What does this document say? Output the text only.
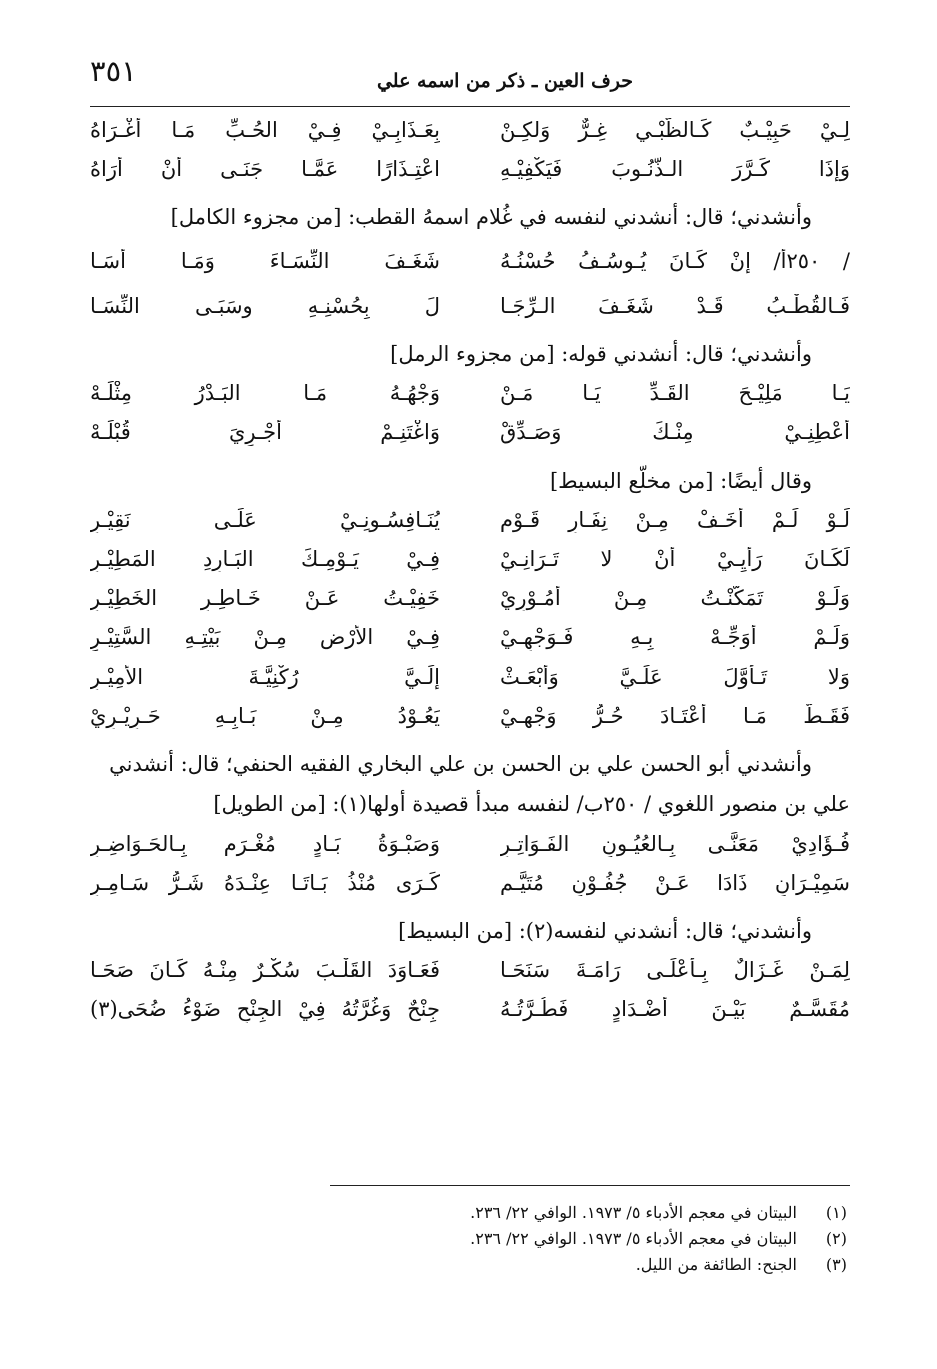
٣٥١	حرف العين ـ ذكر من اسمه علي
لِـيْ حَبِيْـبٌ كَـالظَّبْـيِ غِـرٌّ وَلكِـنْ
بِعَـذَابِـيْ فِـيْ الحُـبِّ مَـا أغْـرَاهُ
وَإذَا كَـرَّرَ الـذُّنُـوبَ فَيَكْفِيْـهِ
اعْتِـذَارًا عَمَّـا جَنَـى أنْ أرَاهُ
وأنشدني؛ قال: أنشدني لنفسه في غُلام اسمهُ القطب: [من مجزوء الكامل]
/ ٢٥٠أ/ إنْ كَـانَ يُـوسُـفُ حُسْنُـهُ
شَغَـفَ النِّسَـاءَ وَمَـا أسَـا
فَـالقُطْـبُ قَـدْ شَغَـفَ الـرِّجَـا
لَ بِحُسْنِـهِ وسَبَـى النِّسَـا
وأنشدني؛ قال: أنشدني قوله: [من مجزوء الرمل]
يَـا مَلِيْـحَ القَـدِّ يَـا مَـنْ
وَجْهُـهُ مَـا البَـدْرُ مِثْلَـهْ
أعْطِنِـيْ مِنْـكَ وَصَـدِّقْ
وَاغْتَنِـمْ أجْـرِيَ قُبْلَـهْ
وقال أيضًا: [من مخلّع البسيط]
لَـوْ لَـمْ أخَـفْ مِـنْ نِفَـارِ قَـوْمٍ
يُنَـافِسُـونِـيْ عَلَـى نَقِيْـرِ
لَكَـانَ رَأيِـيْ أنْ لا تَـرَانِـيْ
فِـيْ يَـوْمِـكَ البَـارِدِ المَطِيْـرِ
وَلَـوْ تَمَكَّنْـتُ مِـنْ أُمُـوْرِيْ
خَفِيْـتُ عَـنْ خَـاطِـرِ الخَطِيْـرِ
وَلَـمْ أُوَجِّـهْ بِـهِ فَـوَجْهِـيْ
فِـيْ الأرْضِ مِـنْ بَيْتِـهِ السَّتِيْـرِ
وَلا تَـأوَّلَ عَلَـيَّ وَأبْعَـثْ
إلَـيَّ رُكْنِيَّـةَ الأمِيْـرِ
فَقَـطُّ مَـا أعْتَـادَ حُـرُّ وَجْهِـيْ
يَعُـوْدُ مِـنْ بَـابِـهِ حَـرِيْـرِيْ
وأنشدني أبو الحسن علي بن الحسن بن علي البخاري الفقيه الحنفي؛ قال: أنشدني
علي بن منصور اللغوي / ٢٥٠ب/ لنفسه مبدأ قصيدة أولها(١): [من الطويل]
فُـؤَادِيْ مَعَنَّـى بِـالعُيُـونِ الفَـوَاتِـرِ
وَصَبْـوَةُ بَـادٍ مُغْـرَمٍ بِـالحَـوَاضِـرِ
سَمِيْـرَانِ ذَادَا عَـنْ جُفُـوْنِ مُتَيَّـمٍ
كَـرَى مُنْذُ بَـاتَـا عِنْـدَهُ شَـرُّ سَـامِـرِ
وأنشدني؛ قال: أنشدني لنفسه(٢): [من البسيط]
لِمَـنْ غَـزَالٌ بِـأعْلَـى رَامَـةَ سَنَحَـا
فَعَـاوَدَ القَلْـبَ سُكْـرٌ مِنْـهُ كَـانَ صَحَـا
مُقَسَّـمٌ بَيْـنَ أضْـدَادٍ فَطُـرَّتُـهُ
جِنْحٌ وَغُرَّتُهُ فِيْ الجِنْحِ ضَوْءُ ضُحَى(٣)
(١)
البيتان في معجم الأدباء ٥/ ١٩٧٣. الوافي ٢٢/ ٢٣٦.
(٢)
البيتان في معجم الأدباء ٥/ ١٩٧٣. الوافي ٢٢/ ٢٣٦.
(٣)
الجنح: الطائفة من الليل.
